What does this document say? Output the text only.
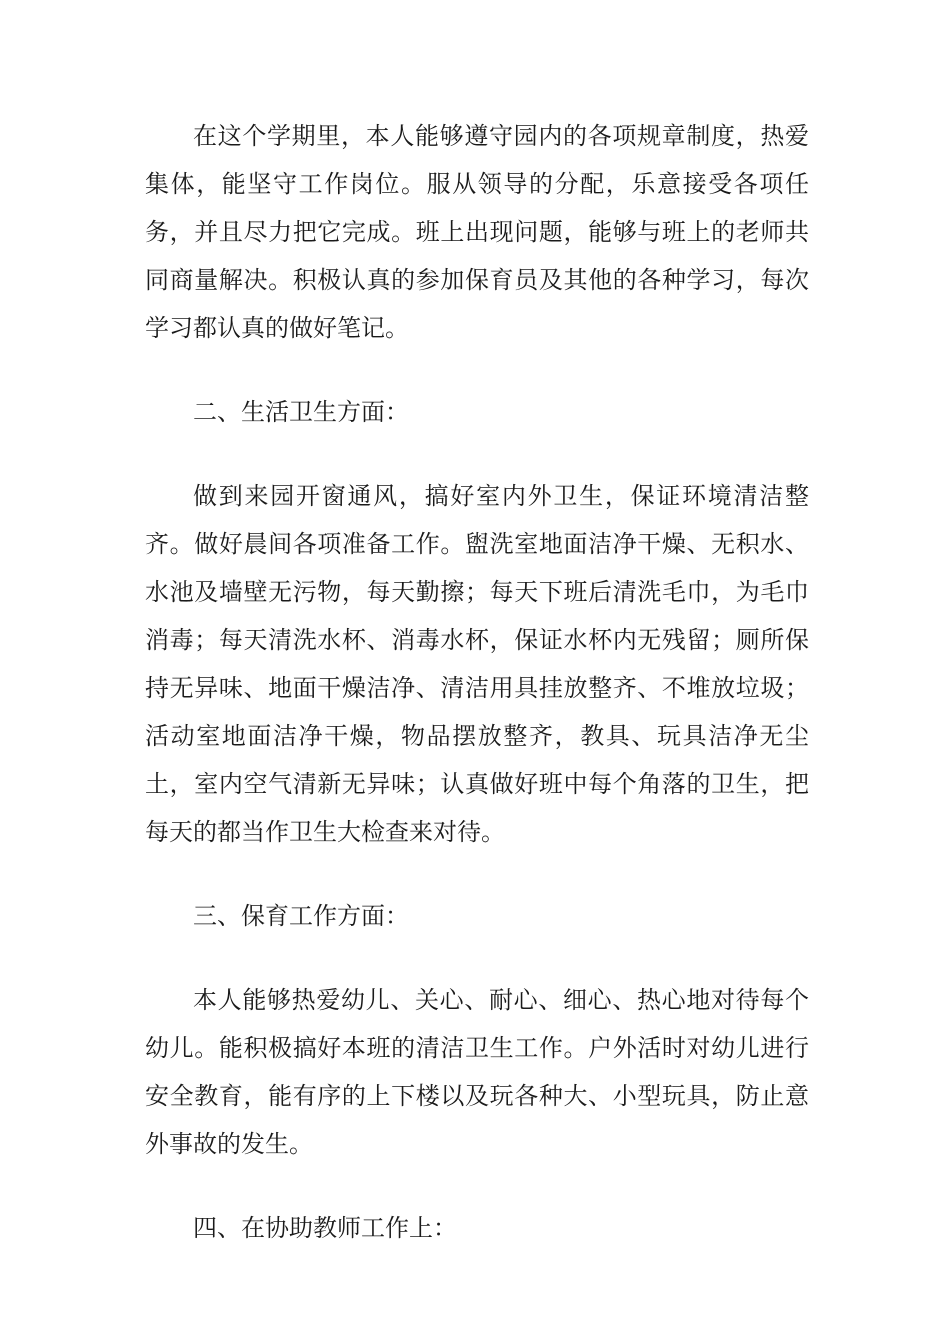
在这个学期里，本人能够遵守园内的各项规章制度，热爱集体，能坚守工作岗位。服从领导的分配，乐意接受各项任务，并且尽力把它完成。班上出现问题，能够与班上的老师共同商量解决。积极认真的参加保育员及其他的各种学习，每次学习都认真的做好笔记。

二、生活卫生方面：

做到来园开窗通风，搞好室内外卫生，保证环境清洁整齐。做好晨间各项准备工作。盥洗室地面洁净干燥、无积水、水池及墙壁无污物，每天勤擦；每天下班后清洗毛巾，为毛巾消毒；每天清洗水杯、消毒水杯，保证水杯内无残留；厕所保持无异味、地面干燥洁净、清洁用具挂放整齐、不堆放垃圾；活动室地面洁净干燥，物品摆放整齐，教具、玩具洁净无尘土，室内空气清新无异味；认真做好班中每个角落的卫生，把每天的都当作卫生大检查来对待。

三、保育工作方面：

本人能够热爱幼儿、关心、耐心、细心、热心地对待每个幼儿。能积极搞好本班的清洁卫生工作。户外活时对幼儿进行安全教育，能有序的上下楼以及玩各种大、小型玩具，防止意外事故的发生。

四、在协助教师工作上：
